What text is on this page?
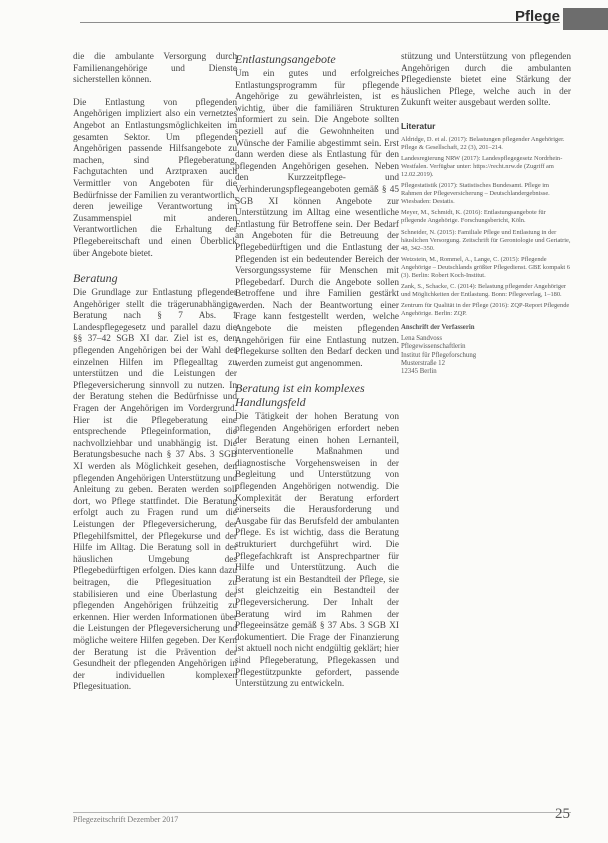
Pflege

die die ambulante Versorgung durch Familienangehörige und Dienste sicherstellen können.

Die Entlastung von pflegenden Angehörigen impliziert also ein vernetztes Angebot an Entlastungsmöglichkeiten im gesamten Sektor. Um pflegenden Angehörigen passende Hilfsangebote zu machen, sind Pflegeberatung, Fachgutachten und Arztpraxen auch Vermittler von Angeboten für die Bedürfnisse der Familien zu verantwortlich, deren jeweilige Verantwortung im Zusammenspiel mit anderen Verantwortlichen die Erhaltung der Pflegebereitschaft und einen Überblick über Angebote bietet.

Beratung

Die Grundlage zur Entlastung pflegender Angehöriger stellt die trägerunabhängige Beratung nach § 7 Abs. 1 Landespflegegesetz und parallel dazu die §§ 37–42 SGB XI dar. Ziel ist es, den pflegenden Angehörigen bei der Wahl der einzelnen Hilfen im Pflegealltag zu unterstützen und die Leistungen der Pflegeversicherung sinnvoll zu nutzen. In der Beratung stehen die Bedürfnisse und Fragen der Angehörigen im Vordergrund. Hier ist die Pflegeberatung eine entsprechende Pflegeinformation, die nachvollziehbar und unabhängig ist. Die Beratungsbesuche nach § 37 Abs. 3 SGB XI werden als Möglichkeit gesehen, den pflegenden Angehörigen Unterstützung und Anleitung zu geben. Beraten werden soll dort, wo Pflege stattfindet. Die Beratung erfolgt auch zu Fragen rund um die Leistungen der Pflegeversicherung, der Pflegehilfsmittel, der Pflegekurse und der Hilfe im Alltag. Die Beratung soll in der häuslichen Umgebung des Pflegebedürftigen erfolgen. Dies kann dazu beitragen, die Pflegesituation zu stabilisieren und eine Überlastung der pflegenden Angehörigen frühzeitig zu erkennen. Hier werden Informationen über die Leistungen der Pflegeversicherung und mögliche weitere Hilfen gegeben. Der Kern der Beratung ist die Prävention der Gesundheit der pflegenden Angehörigen in der individuellen komplexen Pflegesituation.

Entlastungsangebote

Um ein gutes und erfolgreiches Entlastungsprogramm für pflegende Angehörige zu gewährleisten, ist es wichtig, über die familiären Strukturen informiert zu sein. Die Angebote sollten speziell auf die Gewohnheiten und Wünsche der Familie abgestimmt sein. Erst dann werden diese als Entlastung für den pflegenden Angehörigen gesehen. Neben den Kurzzeitpflege- und Verhinderungspflegeangeboten gemäß § 45 SGB XI können Angebote zur Unterstützung im Alltag eine wesentliche Entlastung für Betroffene sein. Der Bedarf an Angeboten für die Betreuung der Pflegebedürftigen und die Entlastung der Pflegenden ist ein bedeutender Bereich der Versorgungssysteme für Menschen mit Pflegebedarf. Durch die Angebote sollen Betroffene und ihre Familien gestärkt werden. Nach der Beantwortung einer Frage kann festgestellt werden, welche Angebote die meisten pflegenden Angehörigen für eine Entlastung nutzen. Pflegekurse sollten den Bedarf decken und werden zumeist gut angenommen.

Beratung ist ein komplexes Handlungsfeld

Die Tätigkeit der hohen Beratung von pflegenden Angehörigen erfordert neben der Beratung einen hohen Lernanteil, interventionelle Maßnahmen und diagnostische Vorgehensweisen in der Begleitung und Unterstützung von pflegenden Angehörigen notwendig. Die Komplexität der Beratung erfordert einerseits die Herausforderung und Ausgabe für das Berufsfeld der ambulanten Pflege. Es ist wichtig, dass die Beratung strukturiert durchgeführt wird. Die Pflegefachkraft ist Ansprechpartner für Hilfe und Unterstützung. Auch die Beratung ist ein Bestandteil der Pflege, sie ist gleichzeitig ein Bestandteil der Pflegeversicherung. Der Inhalt der Beratung wird im Rahmen der Pflegeeinsätze gemäß § 37 Abs. 3 SGB XI dokumentiert. Die Frage der Finanzierung ist aktuell noch nicht endgültig geklärt; hier sind Pflegeberatung, Pflegekassen und Pflegestützpunkte gefordert, passende Unterstützung zu entwickeln.

stützung und Unterstützung von pflegenden Angehörigen durch die ambulanten Pflegedienste bietet eine Stärkung der häuslichen Pflege, welche auch in der Zukunft weiter ausgebaut werden sollte.

Literatur
Aldridge, D. et al. (2017): Belastungen pflegender Angehöriger. Pflege & Gesellschaft, 22 (3), 201–214.
Landesregierung NRW (2017): Landespflegegesetz Nordrhein-Westfalen. Verfügbar unter: https://recht.nrw.de (Zugriff am 12.02.2019).
Pflegestatistik (2017): Statistisches Bundesamt. Pflege im Rahmen der Pflegeversicherung – Deutschlandergebnisse. Wiesbaden: Destatis.
Meyer, M., Schmidt, K. (2016): Entlastungsangebote für pflegende Angehörige. Forschungsbericht, Köln.
Schneider, N. (2015): Familiale Pflege und Entlastung in der häuslichen Versorgung. Zeitschrift für Gerontologie und Geriatrie, 48, 342–350.
Wetzstein, M., Rommel, A., Lange, C. (2015): Pflegende Angehörige – Deutschlands größter Pflegedienst. GBE kompakt 6 (3). Berlin: Robert Koch-Institut.
Zank, S., Schacke, C. (2014): Belastung pflegender Angehöriger und Möglichkeiten der Entlastung. Bonn: Pflegeverlag, 1–180.
Zentrum für Qualität in der Pflege (2016): ZQP-Report Pflegende Angehörige. Berlin: ZQP.
Anschrift der Verfasserin
Lena Sandvoss
Pflegewissenschaftlerin
Institut für Pflegeforschung
Musterstraße 12
12345 Berlin
Pflegezeitschrift Dezember 2017	25
